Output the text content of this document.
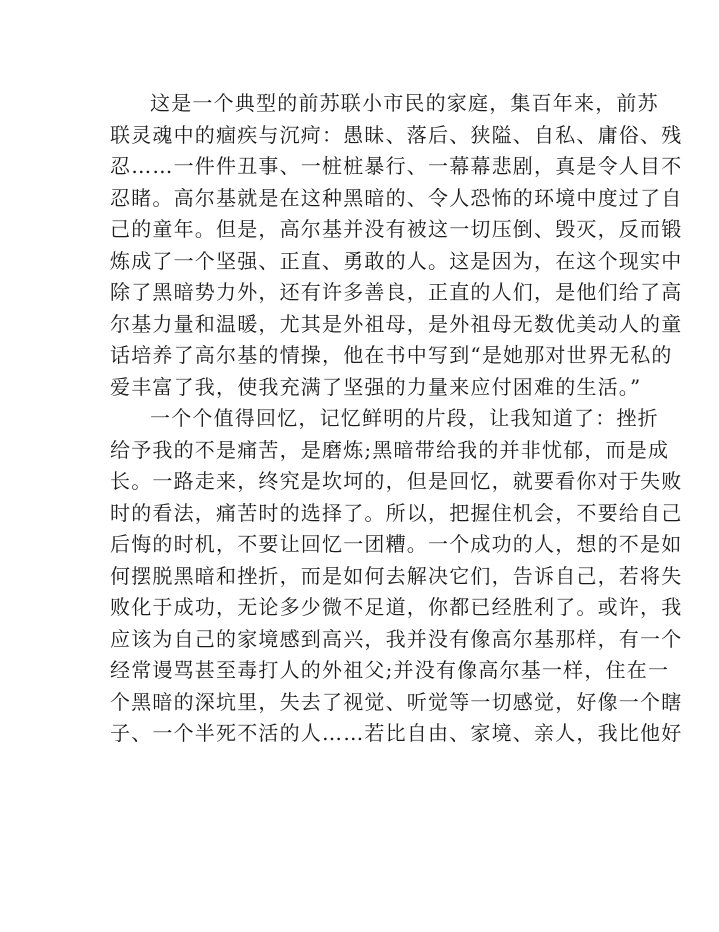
这是一个典型的前苏联小市民的家庭，集百年来，前苏
联灵魂中的痼疾与沉疴：愚昧、落后、狭隘、自私、庸俗、残
忍……一件件丑事、一桩桩暴行、一幕幕悲剧，真是令人目不
忍睹。高尔基就是在这种黑暗的、令人恐怖的环境中度过了自
己的童年。但是，高尔基并没有被这一切压倒、毁灭，反而锻
炼成了一个坚强、正直、勇敢的人。这是因为，在这个现实中
除了黑暗势力外，还有许多善良，正直的人们，是他们给了高
尔基力量和温暖，尤其是外祖母，是外祖母无数优美动人的童
话培养了高尔基的情操，他在书中写到“是她那对世界无私的
爱丰富了我，使我充满了坚强的力量来应付困难的生活。”
一个个值得回忆，记忆鲜明的片段，让我知道了：挫折
给予我的不是痛苦，是磨炼;黑暗带给我的并非忧郁，而是成
长。一路走来，终究是坎坷的，但是回忆，就要看你对于失败
时的看法，痛苦时的选择了。所以，把握住机会，不要给自己
后悔的时机，不要让回忆一团糟。一个成功的人，想的不是如
何摆脱黑暗和挫折，而是如何去解决它们，告诉自己，若将失
败化于成功，无论多少微不足道，你都已经胜利了。或许，我
应该为自己的家境感到高兴，我并没有像高尔基那样，有一个
经常谩骂甚至毒打人的外祖父;并没有像高尔基一样，住在一
个黑暗的深坑里，失去了视觉、听觉等一切感觉，好像一个瞎
子、一个半死不活的人……若比自由、家境、亲人，我比他好
